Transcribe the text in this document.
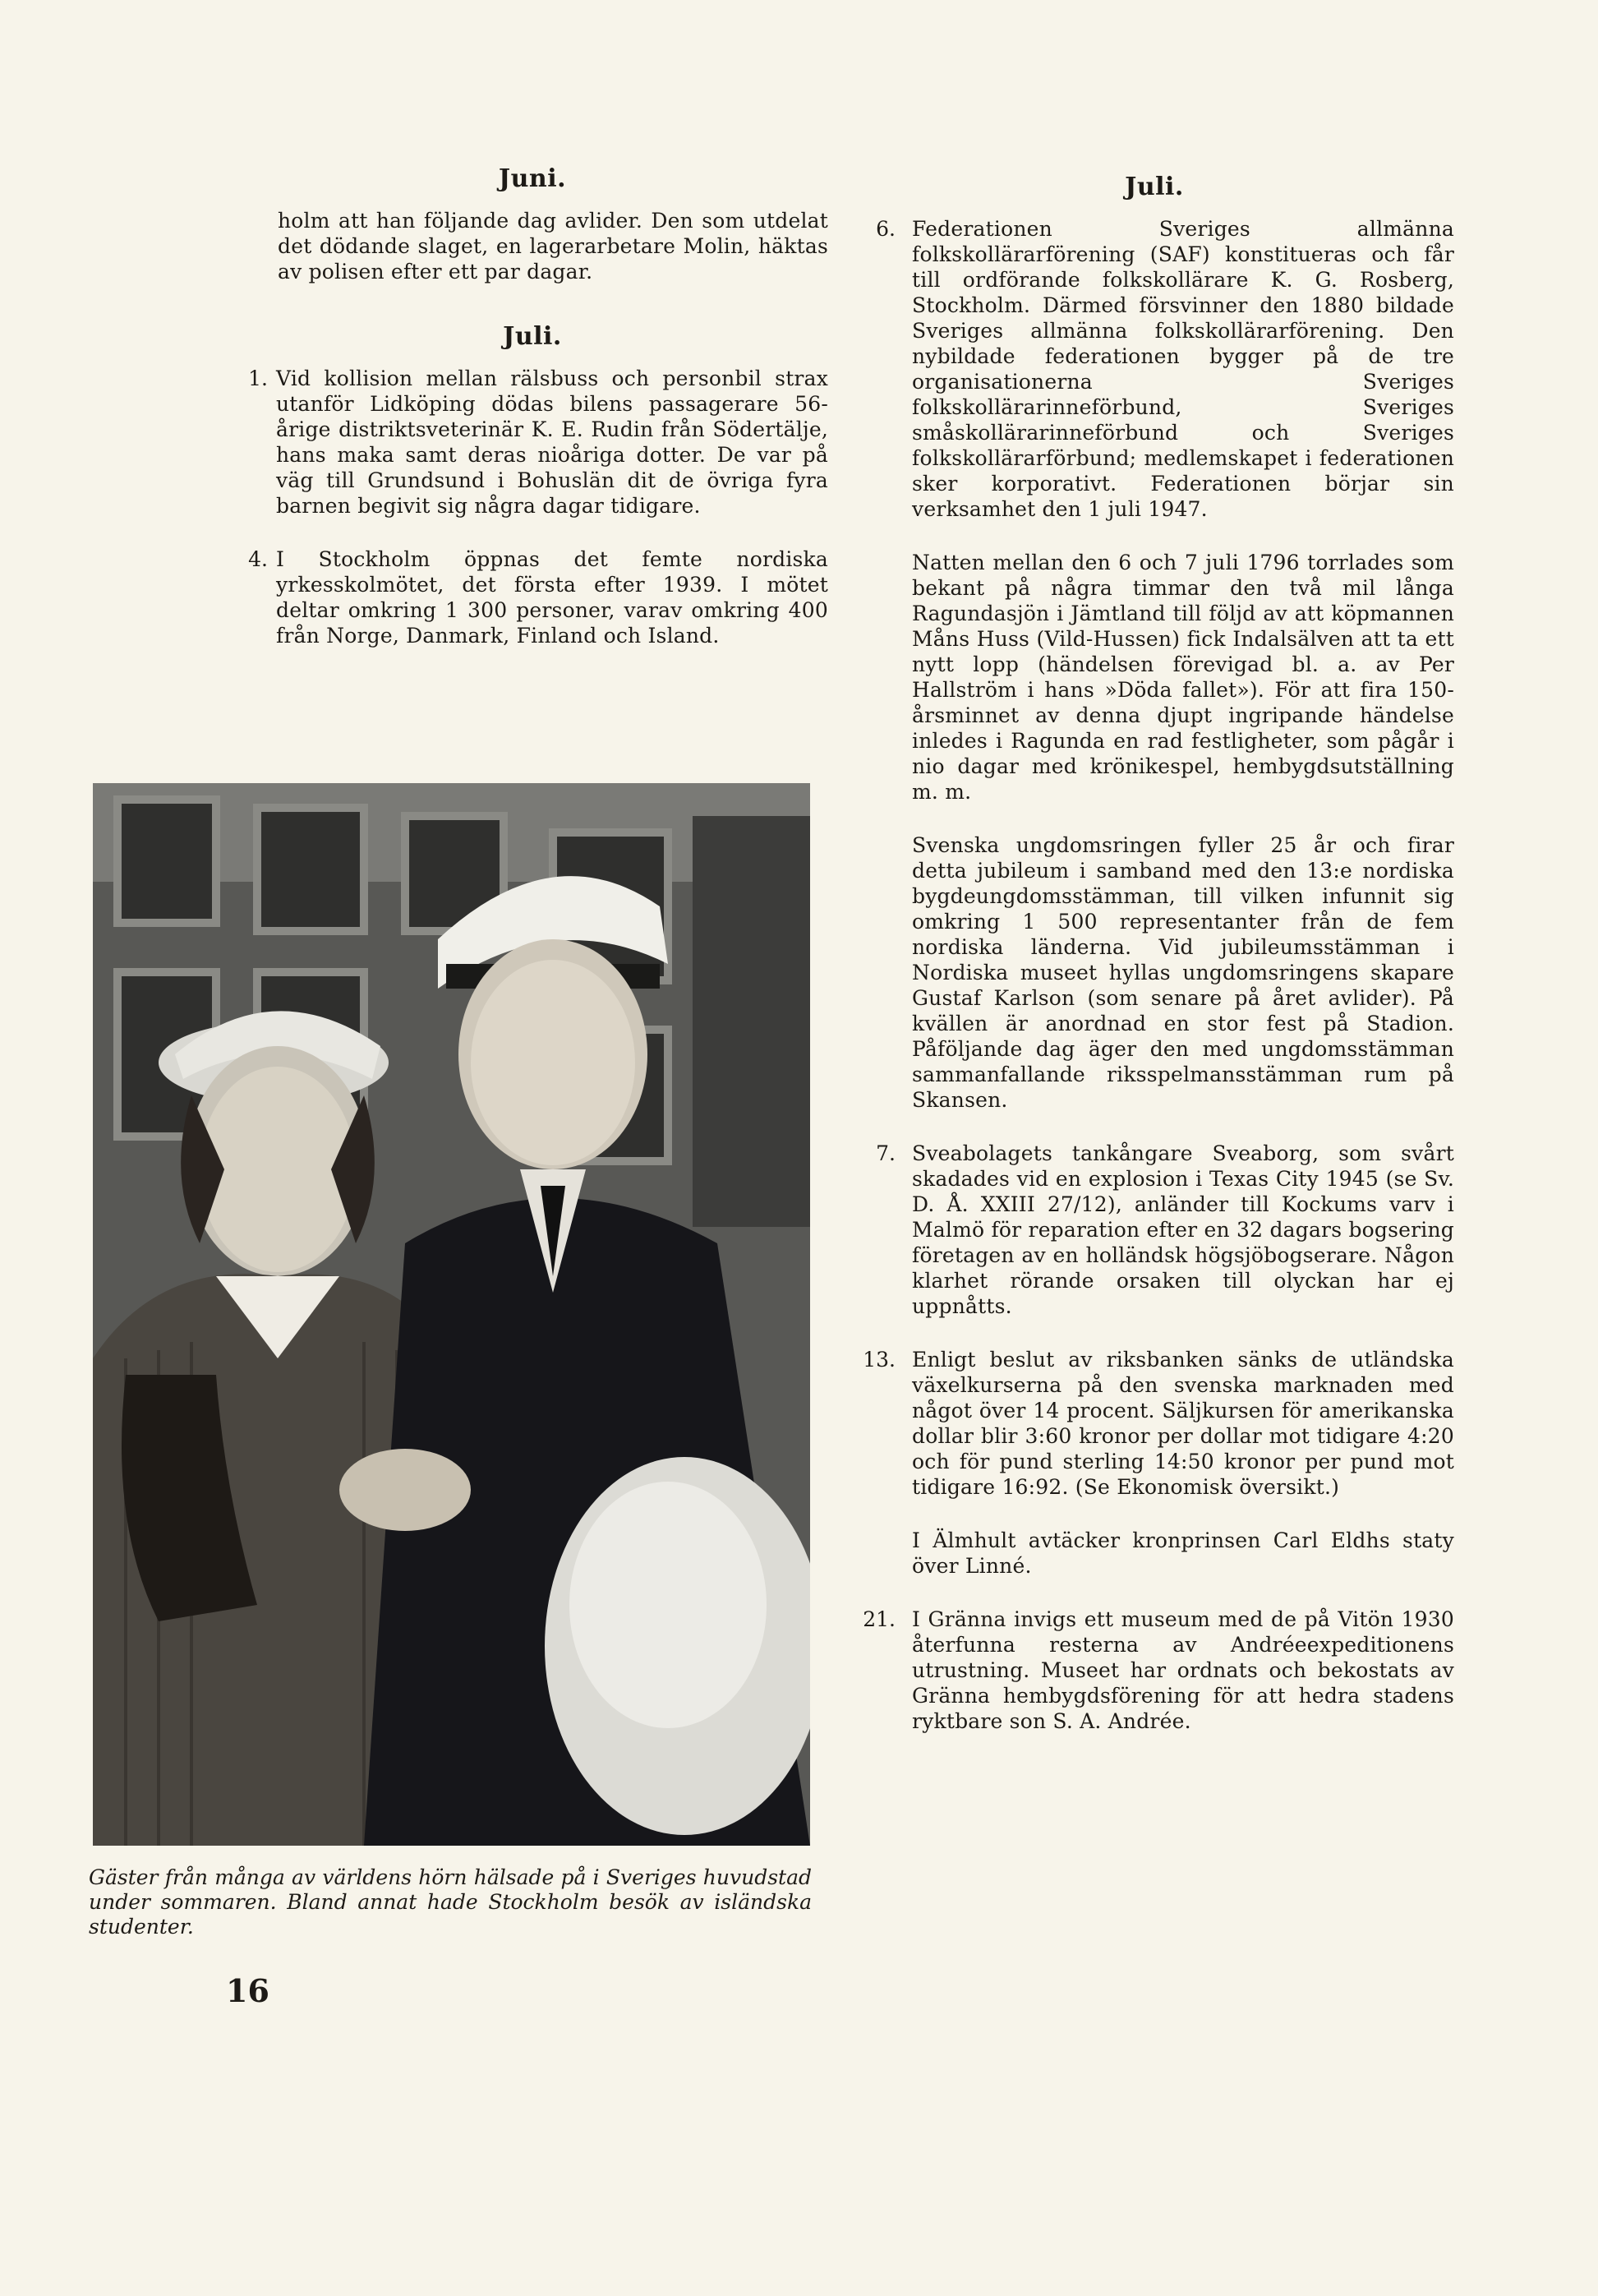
Juni.

holm att han följande dag avlider. Den som utdelat det dödande slaget, en lagerarbetare Molin, häktas av polisen efter ett par dagar.

Juli.
1. Vid kollision mellan rälsbuss och personbil strax utanför Lidköping dödas bilens passagerare 56-årige distriktsveterinär K. E. Rudin från Södertälje, hans maka samt deras nioåriga dotter. De var på väg till Grundsund i Bohuslän dit de övriga fyra barnen begivit sig några dagar tidigare.

4. I Stockholm öppnas det femte nordiska yrkesskolmötet, det första efter 1939. I mötet deltar omkring 1 300 personer, varav omkring 400 från Norge, Danmark, Finland och Island.

Gäster från många av världens hörn hälsade på i Sveriges huvudstad under sommaren. Bland annat hade Stockholm besök av isländska studenter.

16
Juli.
6. Federationen Sveriges allmänna folkskollärarförening (SAF) konstitueras och får till ordförande folkskollärare K. G. Rosberg, Stockholm. Därmed försvinner den 1880 bildade Sveriges allmänna folkskollärarförening. Den nybildade federationen bygger på de tre organisationerna Sveriges folkskollärarinneförbund, Sveriges småskollärarinneförbund och Sveriges folkskollärarförbund; medlemskapet i federationen sker korporativt. Federationen börjar sin verksamhet den 1 juli 1947.

Natten mellan den 6 och 7 juli 1796 torrlades som bekant på några timmar den två mil långa Ragundasjön i Jämtland till följd av att köpmannen Måns Huss (Vild-Hussen) fick Indalsälven att ta ett nytt lopp (händelsen förevigad bl. a. av Per Hallström i hans »Döda fallet»). För att fira 150-årsminnet av denna djupt ingripande händelse inledes i Ragunda en rad festligheter, som pågår i nio dagar med krönikespel, hembygdsutställning m. m.

Svenska ungdomsringen fyller 25 år och firar detta jubileum i samband med den 13:e nordiska bygdeungdomsstämman, till vilken infunnit sig omkring 1 500 representanter från de fem nordiska länderna. Vid jubileumsstämman i Nordiska museet hyllas ungdomsringens skapare Gustaf Karlson (som senare på året avlider). På kvällen är anordnad en stor fest på Stadion. Påföljande dag äger den med ungdomsstämman sammanfallande riksspelmansstämman rum på Skansen.

7. Sveabolagets tankångare Sveaborg, som svårt skadades vid en explosion i Texas City 1945 (se Sv. D. Å. XXIII 27/12), anländer till Kockums varv i Malmö för reparation efter en 32 dagars bogsering företagen av en holländsk högsjöbogserare. Någon klarhet rörande orsaken till olyckan har ej uppnåtts.

13. Enligt beslut av riksbanken sänks de utländska växelkurserna på den svenska marknaden med något över 14 procent. Säljkursen för amerikanska dollar blir 3:60 kronor per dollar mot tidigare 4:20 och för pund sterling 14:50 kronor per pund mot tidigare 16:92. (Se Ekonomisk översikt.)

I Älmhult avtäcker kronprinsen Carl Eldhs staty över Linné.

21. I Gränna invigs ett museum med de på Vitön 1930 återfunna resterna av Andréeexpeditionens utrustning. Museet har ordnats och bekostats av Gränna hembygdsförening för att hedra stadens ryktbare son S. A. Andrée.
